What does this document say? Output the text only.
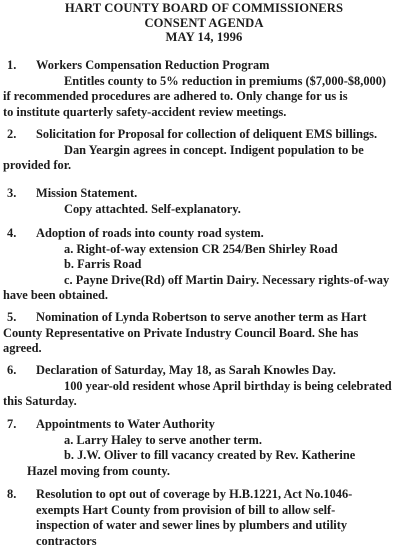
HART COUNTY BOARD OF COMMISSIONERS
CONSENT AGENDA
MAY 14, 1996
1. Workers Compensation Reduction Program
Entitles county to 5% reduction in premiums ($7,000-$8,000)
if recommended procedures are adhered to. Only change for us is
to institute quarterly safety-accident review meetings.
2. Solicitation for Proposal for collection of deliquent EMS billings.
Dan Yeargin agrees in concept. Indigent population to be
provided for.
3. Mission Statement.
Copy attachted. Self-explanatory.
4. Adoption of roads into county road system.
a. Right-of-way extension CR 254/Ben Shirley Road
b. Farris Road
c. Payne Drive(Rd) off Martin Dairy. Necessary rights-of-way
have been obtained.
5. Nomination of Lynda Robertson to serve another term as Hart
County Representative on Private Industry Council Board. She has
agreed.
6. Declaration of Saturday, May 18, as Sarah Knowles Day.
100 year-old resident whose April birthday is being celebrated
this Saturday.
7. Appointments to Water Authority
a. Larry Haley to serve another term.
b. J.W. Oliver to fill vacancy created by Rev. Katherine
Hazel moving from county.
8. Resolution to opt out of coverage by H.B.1221, Act No.1046-
exempts Hart County from provision of bill to allow self-
inspection of water and sewer lines by plumbers and utility
contractors
